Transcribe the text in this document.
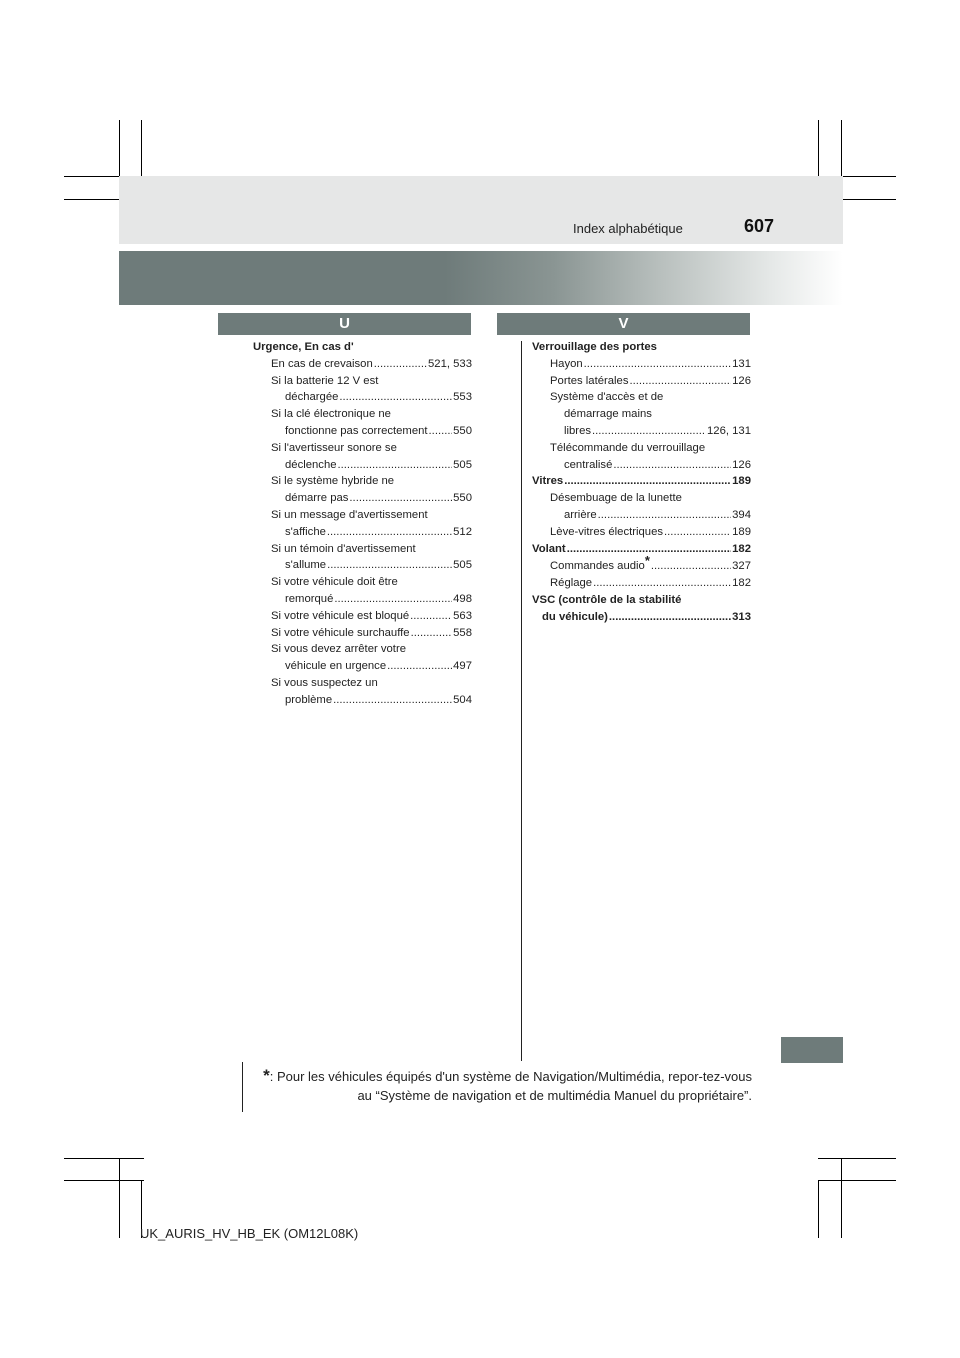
Index alphabétique	607
U	V
Urgence, En cas d'
En cas de crevaison .....	521, 533
Si la batterie 12 V est
déchargée .....	553
Si la clé électronique ne
fonctionne pas correctement ..... 550
Si l'avertisseur sonore se
déclenche .....	505
Si le système hybride ne
démarre pas .....	550
Si un message d'avertissement
s'affiche .....	512
Si un témoin d'avertissement
s'allume .....	505
Si votre véhicule doit être
remorqué .....	498
Si votre véhicule est bloqué .....	563
Si votre véhicule surchauffe .....	558
Si vous devez arrêter votre
véhicule en urgence .....	497
Si vous suspectez un
problème .....	504
Verrouillage des portes
Hayon .....	131
Portes latérales .....	126
Système d'accès et de
démarrage mains
libres .....	126, 131
Télécommande du verrouillage
centralisé .....	126
Vitres .....	189
Désembuage de la lunette
arrière .....	394
Lève-vitres électriques .....	189
Volant .....	182
Commandes audio * .....	327
Réglage .....	182
VSC (contrôle de la stabilité
du véhicule) .....	313
*: Pour les véhicules équipés d'un système de Navigation/Multimédia, repor-tez-vous au “Système de navigation et de multimédia Manuel du propriétaire”.
UK_AURIS_HV_HB_EK (OM12L08K)
